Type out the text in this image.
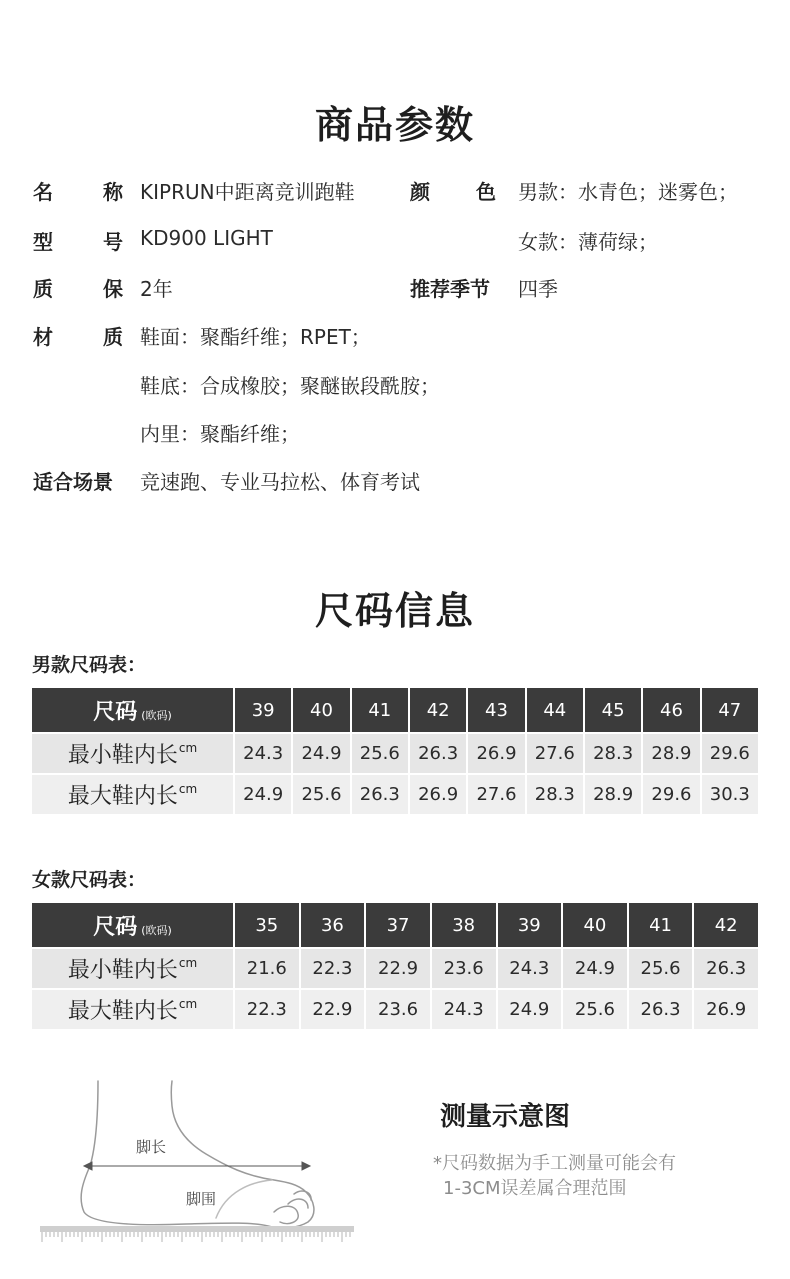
商品参数
名	称 KIPRUN中距离竞训跑鞋	颜 色 男款：水青色；迷雾色；
型	号 KD900 LIGHT	女款：薄荷绿；
质	保 2年	推荐季节 四季
材	质 鞋面：聚酯纤维；RPET；
鞋底：合成橡胶；聚醚嵌段酰胺；
内里：聚酯纤维；
适合场景 竞速跑、专业马拉松、体育考试
尺码信息
男款尺码表：
尺码 (欧码)	39	40	41	42	43	44	45	46	47
最小鞋内长$^{cm}$	24.3	24.9	25.6	26.3	26.9	27.6	28.3	28.9	29.6
最大鞋内长$^{cm}$	24.9	25.6	26.3	26.9	27.6	28.3	28.9	29.6	30.3
女款尺码表：
尺码 (欧码)	35	36	37	38	39	40	41	42
最小鞋内长$^{cm}$	21.6	22.3	22.9	23.6	24.3	24.9	25.6	26.3
最大鞋内长$^{cm}$	22.3	22.9	23.6	24.3	24.9	25.6	26.3	26.9
脚长
脚围
测量示意图
*尺码数据为手工测量可能会有
1-3CM误差属合理范围
